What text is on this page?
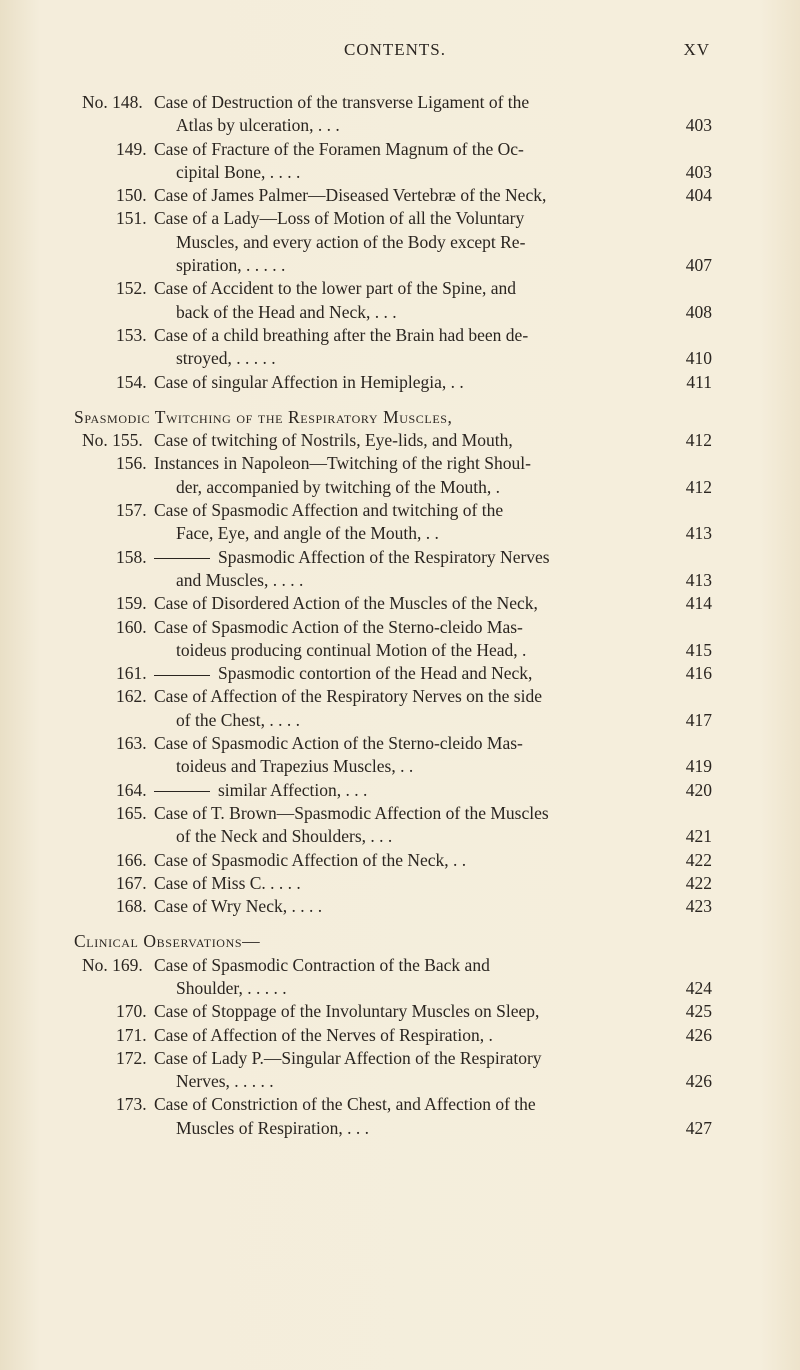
CONTENTS.	XV
No. 148. Case of Destruction of the transverse Ligament of the
Atlas by ulceration, . . .	403
149. Case of Fracture of the Foramen Magnum of the Oc-
cipital Bone, . . . .	403
150. Case of James Palmer—Diseased Vertebræ of the Neck,	404
151. Case of a Lady—Loss of Motion of all the Voluntary
Muscles, and every action of the Body except Re-
spiration, . . . . .	407
152. Case of Accident to the lower part of the Spine, and
back of the Head and Neck, . . .	408
153. Case of a child breathing after the Brain had been de-
stroyed, . . . . .	410
154. Case of singular Affection in Hemiplegia, . .	411
Spasmodic Twitching of the Respiratory Muscles,
No. 155. Case of twitching of Nostrils, Eye-lids, and Mouth,	412
156. Instances in Napoleon—Twitching of the right Shoul-
der, accompanied by twitching of the Mouth, .	412
157. Case of Spasmodic Affection and twitching of the
Face, Eye, and angle of the Mouth, . .	413
158.	Spasmodic Affection of the Respiratory Nerves
and Muscles, . . . .	413
159. Case of Disordered Action of the Muscles of the Neck,	414
160. Case of Spasmodic Action of the Sterno-cleido Mas-
toideus producing continual Motion of the Head, .	415
161.	Spasmodic contortion of the Head and Neck,	416
162. Case of Affection of the Respiratory Nerves on the side
of the Chest, . . . .	417
163. Case of Spasmodic Action of the Sterno-cleido Mas-
toideus and Trapezius Muscles, . .	419
164.	similar Affection, . . .	420
165. Case of T. Brown—Spasmodic Affection of the Muscles
of the Neck and Shoulders, . . .	421
166. Case of Spasmodic Affection of the Neck, . .	422
167. Case of Miss C. . . . .	422
168. Case of Wry Neck, . . . .	423
Clinical Observations—
No. 169. Case of Spasmodic Contraction of the Back and
Shoulder, . . . . .	424
170. Case of Stoppage of the Involuntary Muscles on Sleep,	425
171. Case of Affection of the Nerves of Respiration, .	426
172. Case of Lady P.—Singular Affection of the Respiratory
Nerves, . . . . .	426
173. Case of Constriction of the Chest, and Affection of the
Muscles of Respiration, . . .	427
